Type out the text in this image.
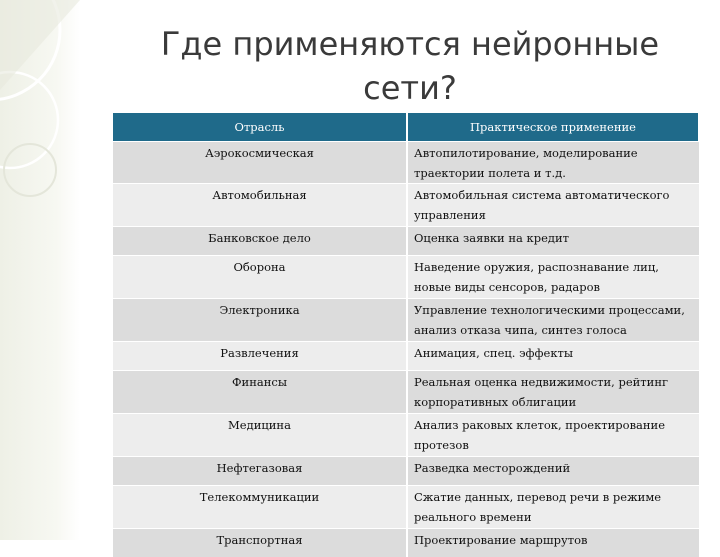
Где применяются нейронные
сети?
Отрасль	Практическое применение
Аэрокосмическая	Автопилотирование, моделирование траектории полета и т.д.
Автомобильная	Автомобильная система автоматического управления
Банковское дело	Оценка заявки на кредит
Оборона	Наведение оружия, распознавание лиц, новые виды сенсоров, радаров
Электроника	Управление технологическими процессами, анализ отказа чипа, синтез голоса
Развлечения	Анимация, спец. эффекты
Финансы	Реальная оценка недвижимости, рейтинг корпоративных облигации
Медицина	Анализ раковых клеток, проектирование протезов
Нефтегазовая	Разведка месторождений
Телекоммуникации	Сжатие данных, перевод речи в режиме реального времени
Транспортная	Проектирование маршрутов
